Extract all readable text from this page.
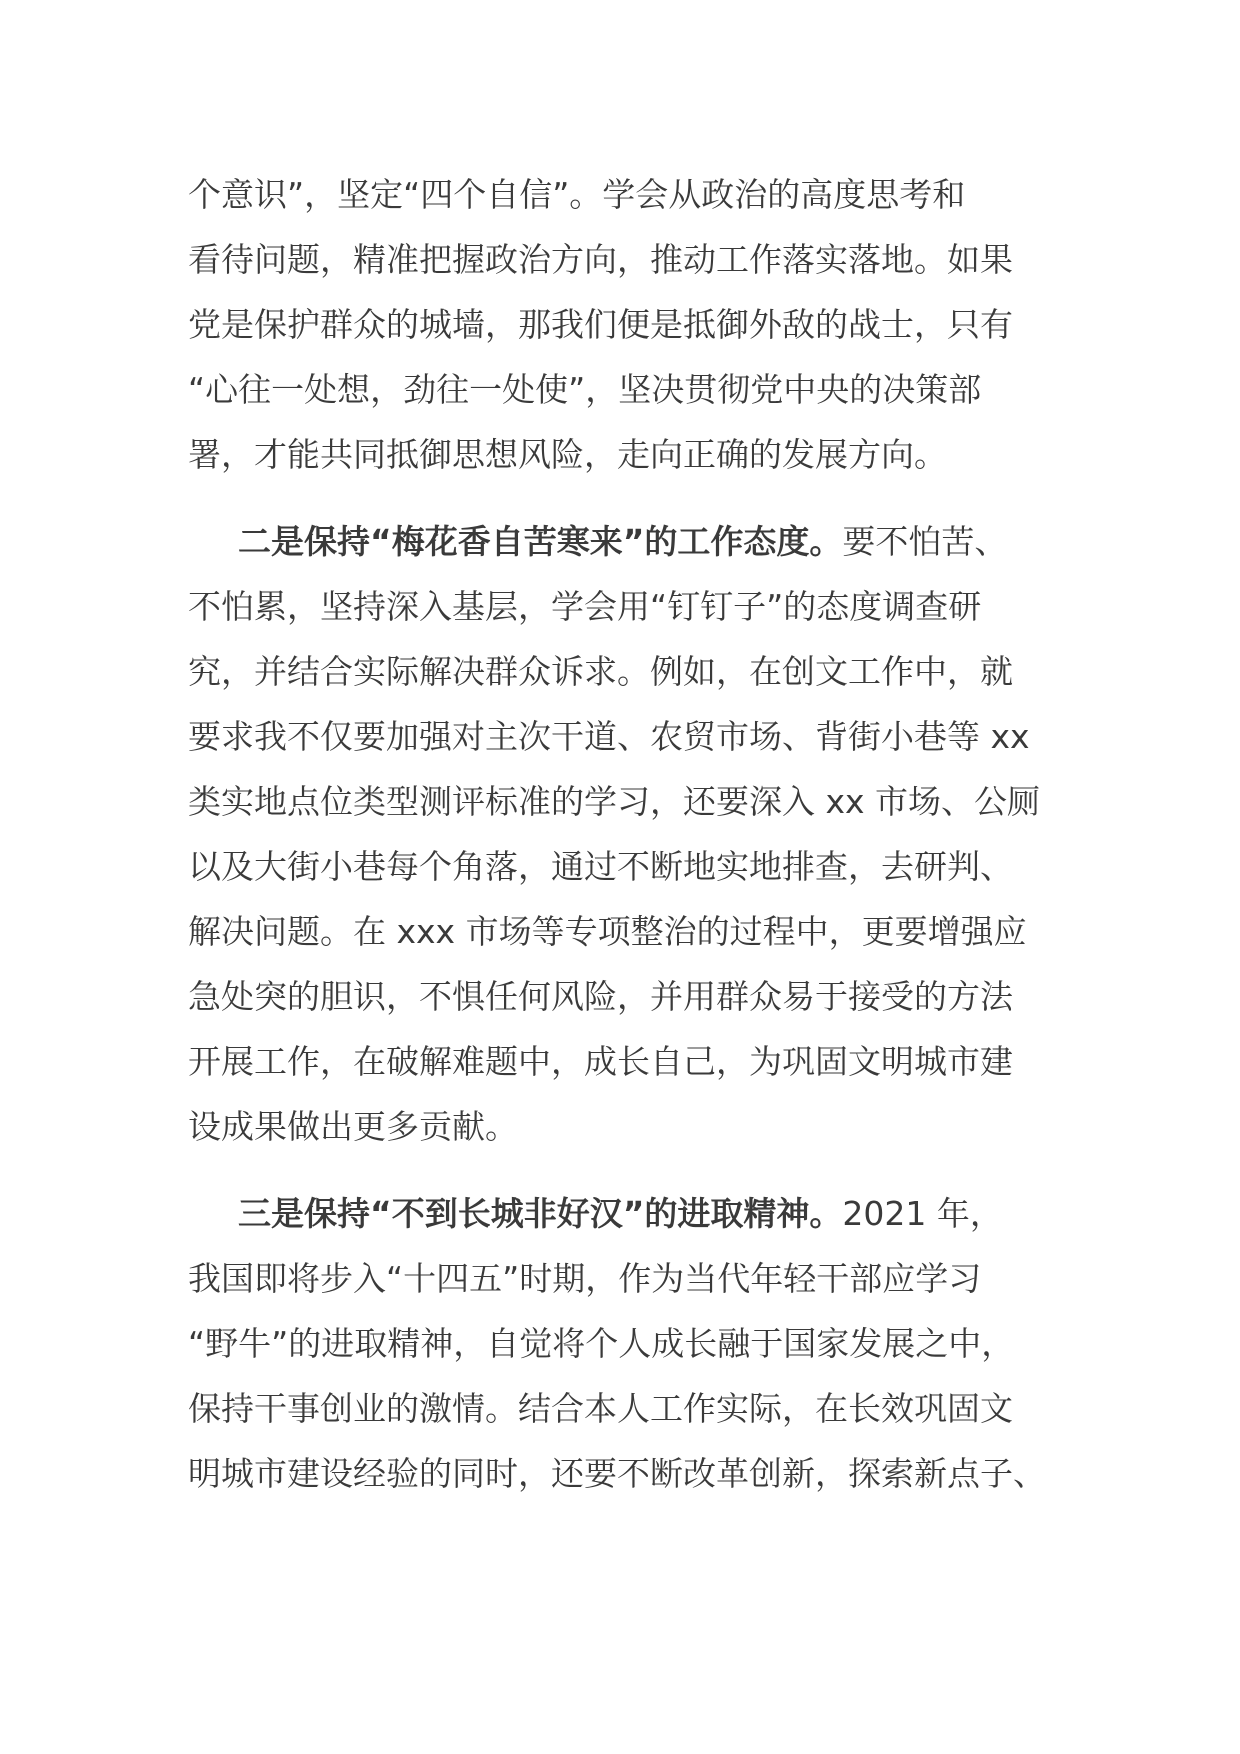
个意识”，坚定“四个自信”。学会从政治的高度思考和
看待问题，精准把握政治方向，推动工作落实落地。如果
党是保护群众的城墙，那我们便是抵御外敌的战士，只有
“心往一处想，劲往一处使”，坚决贯彻党中央的决策部
署，才能共同抵御思想风险，走向正确的发展方向。
二是保持“梅花香自苦寒来”的工作态度。要不怕苦、
不怕累，坚持深入基层，学会用“钉钉子”的态度调查研
究，并结合实际解决群众诉求。例如，在创文工作中，就
要求我不仅要加强对主次干道、农贸市场、背街小巷等 xx
类实地点位类型测评标准的学习，还要深入 xx 市场、公厕
以及大街小巷每个角落，通过不断地实地排查，去研判、
解决问题。在 xxx 市场等专项整治的过程中，更要增强应
急处突的胆识，不惧任何风险，并用群众易于接受的方法
开展工作，在破解难题中，成长自己，为巩固文明城市建
设成果做出更多贡献。
三是保持“不到长城非好汉”的进取精神。2021 年，
我国即将步入“十四五”时期，作为当代年轻干部应学习
“野牛”的进取精神，自觉将个人成长融于国家发展之中，
保持干事创业的激情。结合本人工作实际，在长效巩固文
明城市建设经验的同时，还要不断改革创新，探索新点子、
